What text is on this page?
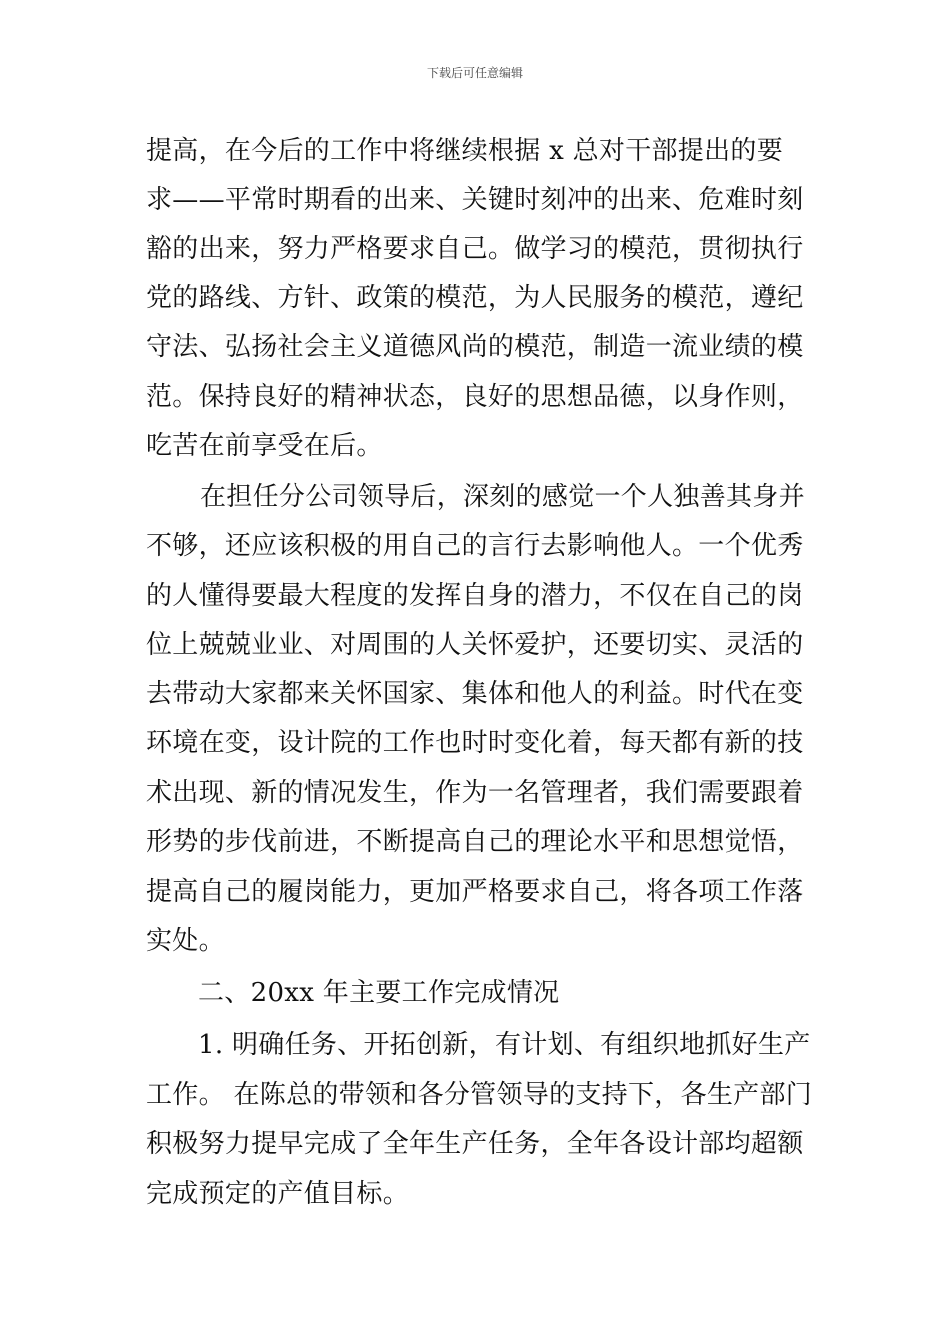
下载后可任意编辑
提高，在今后的工作中将继续根据 x 总对干部提出的要
求——平常时期看的出来、关键时刻冲的出来、危难时刻
豁的出来，努力严格要求自己。做学习的模范，贯彻执行
党的路线、方针、政策的模范，为人民服务的模范，遵纪
守法、弘扬社会主义道德风尚的模范，制造一流业绩的模
范。保持良好的精神状态，良好的思想品德，以身作则，
吃苦在前享受在后。
在担任分公司领导后，深刻的感觉一个人独善其身并
不够，还应该积极的用自己的言行去影响他人。一个优秀
的人懂得要最大程度的发挥自身的潜力，不仅在自己的岗
位上兢兢业业、对周围的人关怀爱护，还要切实、灵活的
去带动大家都来关怀国家、集体和他人的利益。时代在变
环境在变，设计院的工作也时时变化着，每天都有新的技
术出现、新的情况发生，作为一名管理者，我们需要跟着
形势的步伐前进，不断提高自己的理论水平和思想觉悟，
提高自己的履岗能力，更加严格要求自己，将各项工作落
实处。
二、20xx 年主要工作完成情况
1. 明确任务、开拓创新，有计划、有组织地抓好生产
工作。 在陈总的带领和各分管领导的支持下，各生产部门
积极努力提早完成了全年生产任务，全年各设计部均超额
完成预定的产值目标。
